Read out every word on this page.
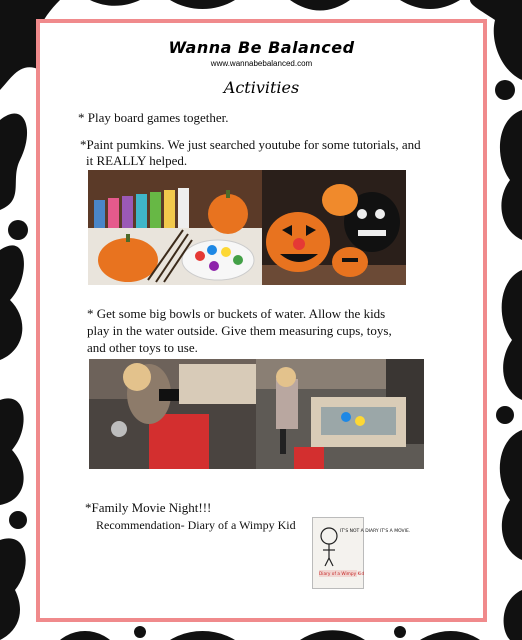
Wanna Be Balanced
www.wannabebalanced.com
Activities
* Play board games together.
*Paint pumkins. We just searched youtube for some tutorials, and
it REALLY helped.
* Get some big bowls or buckets of water. Allow the kids
play in the water outside. Give them measuring cups, toys,
and other toys to use.
*Family Movie Night!!!
Recommendation- Diary of a Wimpy Kid	IT'S NOT A DIARY IT'S A MOVIE.
Diary of a Wimpy Kid
